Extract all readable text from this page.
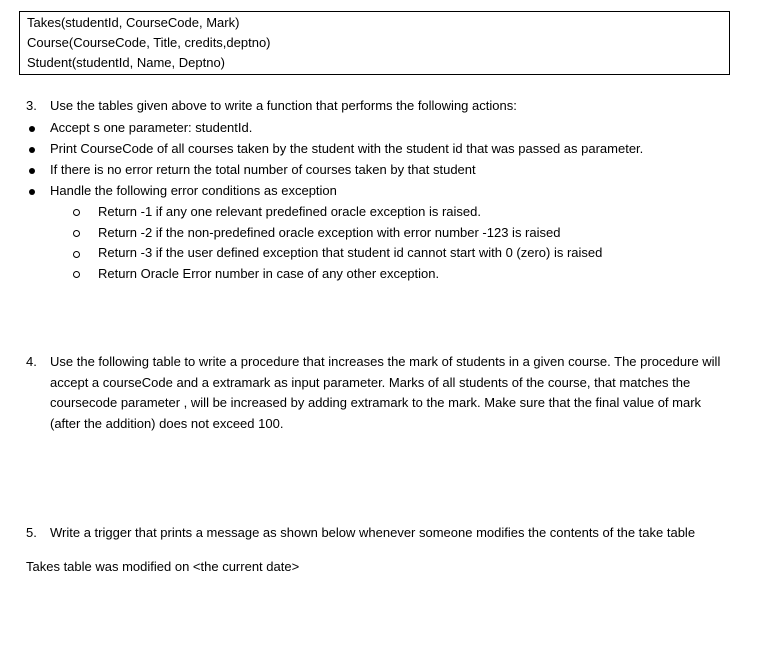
Takes(studentId, CourseCode, Mark)
Course(CourseCode, Title, credits,deptno)
Student(studentId, Name, Deptno)
3. Use the tables given above to write a function that performs the following actions:
Accept s one parameter: studentId.
Print CourseCode of all courses taken by the student with the student id that was passed as parameter.
If there is no error return the total number of courses taken by that student
Handle the following error conditions as exception
Return -1 if any one relevant predefined oracle exception is raised.
Return -2 if the non-predefined oracle exception with error number -123 is raised
Return -3 if the user defined exception that student id cannot start with 0 (zero) is raised
Return Oracle Error number in case of any other exception.
4. Use the following table to write a procedure that increases the mark of students in a given course. The procedure will accept a courseCode and a extramark as input parameter. Marks of all students of the course, that matches the coursecode parameter , will be increased by adding extramark to the mark. Make sure that the final value of mark (after the addition) does not exceed 100.
5. Write a trigger that prints a message as shown below whenever someone modifies the contents of the take table
Takes table was modified on <the current date>
